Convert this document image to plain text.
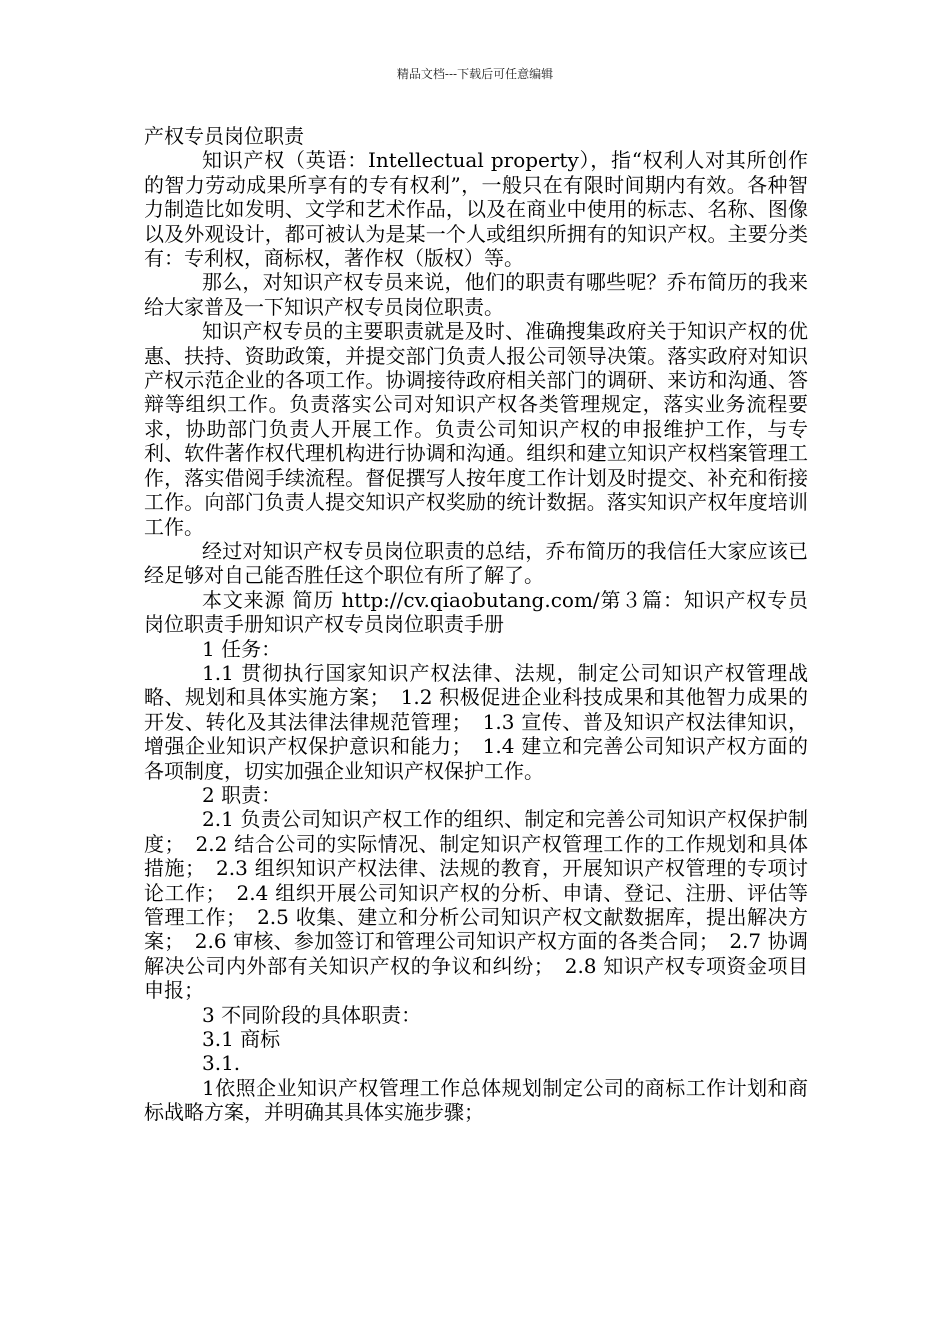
精品文档---下载后可任意编辑

产权专员岗位职责

知识产权（英语：Intellectual property），指“权利人对其所创作的智力劳动成果所享有的专有权利”，一般只在有限时间期内有效。各种智力制造比如发明、文学和艺术作品，以及在商业中使用的标志、名称、图像以及外观设计，都可被认为是某一个人或组织所拥有的知识产权。主要分类有：专利权，商标权，著作权（版权）等。

那么，对知识产权专员来说，他们的职责有哪些呢？乔布简历的我来给大家普及一下知识产权专员岗位职责。

知识产权专员的主要职责就是及时、准确搜集政府关于知识产权的优惠、扶持、资助政策，并提交部门负责人报公司领导决策。落实政府对知识产权示范企业的各项工作。协调接待政府相关部门的调研、来访和沟通、答辩等组织工作。负责落实公司对知识产权各类管理规定，落实业务流程要求，协助部门负责人开展工作。负责公司知识产权的申报维护工作，与专利、软件著作权代理机构进行协调和沟通。组织和建立知识产权档案管理工作，落实借阅手续流程。督促撰写人按年度工作计划及时提交、补充和衔接工作。向部门负责人提交知识产权奖励的统计数据。落实知识产权年度培训工作。

经过对知识产权专员岗位职责的总结，乔布简历的我信任大家应该已经足够对自己能否胜任这个职位有所了解了。

本文来源 简历 http://cv.qiaobutang.com/第３篇：知识产权专员岗位职责手册知识产权专员岗位职责手册

1 任务：

1.1 贯彻执行国家知识产权法律、法规，制定公司知识产权管理战略、规划和具体实施方案；　1.2 积极促进企业科技成果和其他智力成果的开发、转化及其法律法律规范管理；　1.3 宣传、普及知识产权法律知识，增强企业知识产权保护意识和能力；　1.4 建立和完善公司知识产权方面的各项制度，切实加强企业知识产权保护工作。

2 职责：

2.1 负责公司知识产权工作的组织、制定和完善公司知识产权保护制度；　2.2 结合公司的实际情况、制定知识产权管理工作的工作规划和具体措施；　2.3 组织知识产权法律、法规的教育，开展知识产权管理的专项讨论工作；　2.4 组织开展公司知识产权的分析、申请、登记、注册、评估等管理工作；　2.5 收集、建立和分析公司知识产权文献数据库，提出解决方案；　2.6 审核、参加签订和管理公司知识产权方面的各类合同；　2.7 协调解决公司内外部有关知识产权的争议和纠纷；　2.8 知识产权专项资金项目申报；

3 不同阶段的具体职责：

3.1 商标

3.1.

1依照企业知识产权管理工作总体规划制定公司的商标工作计划和商标战略方案，并明确其具体实施步骤；
